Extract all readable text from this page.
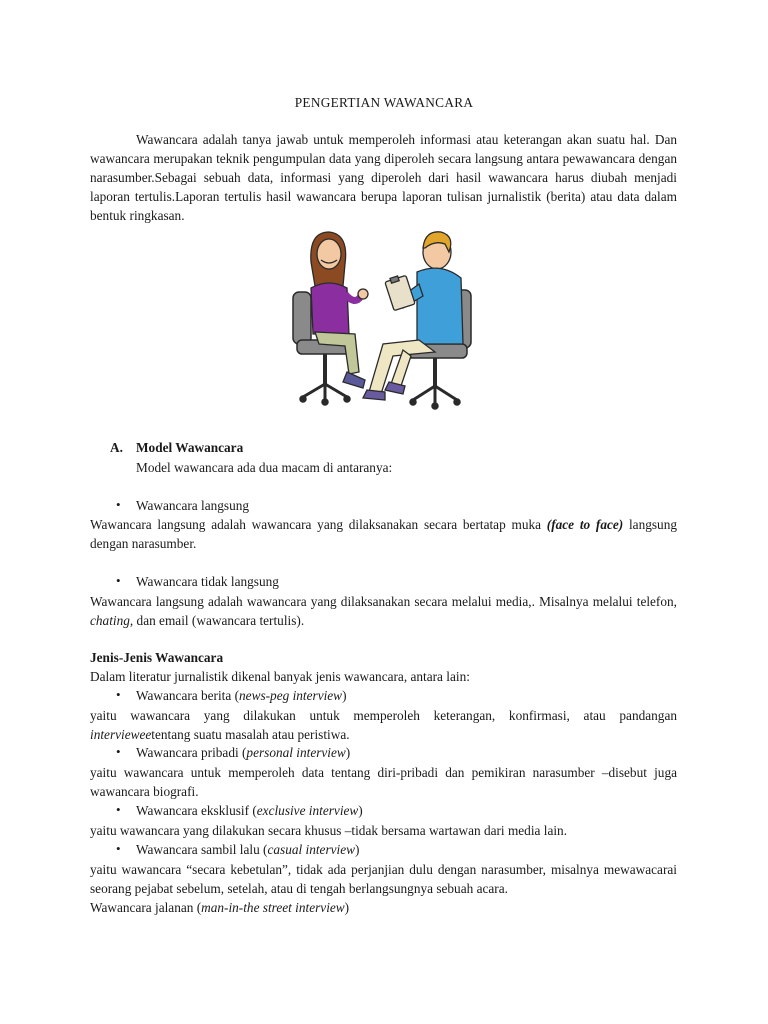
PENGERTIAN WAWANCARA
Wawancara adalah tanya jawab untuk memperoleh informasi atau keterangan akan suatu hal. Dan wawancara merupakan teknik pengumpulan data yang diperoleh secara langsung antara pewawancara dengan narasumber.Sebagai sebuah data, informasi yang diperoleh dari hasil wawancara harus diubah menjadi laporan tertulis.Laporan tertulis hasil wawancara berupa laporan tulisan jurnalistik (berita) atau data dalam bentuk ringkasan.
A. Model Wawancara
Model wawancara ada dua macam di antaranya:
• Wawancara langsung
Wawancara langsung adalah wawancara yang dilaksanakan secara bertatap muka (face to face) langsung dengan narasumber.
• Wawancara tidak langsung
Wawancara langsung adalah wawancara yang dilaksanakan secara melalui media,. Misalnya melalui telefon, chating, dan email (wawancara tertulis).
Jenis-Jenis Wawancara
Dalam literatur jurnalistik dikenal banyak jenis wawancara, antara lain:
• Wawancara berita (news-peg interview)
yaitu wawancara yang dilakukan untuk memperoleh keterangan, konfirmasi, atau pandangan intervieweetentang suatu masalah atau peristiwa.
• Wawancara pribadi (personal interview)
yaitu wawancara untuk memperoleh data tentang diri-pribadi dan pemikiran narasumber –disebut juga wawancara biografi.
• Wawancara eksklusif (exclusive interview)
yaitu wawancara yang dilakukan secara khusus –tidak bersama wartawan dari media lain.
• Wawancara sambil lalu (casual interview)
yaitu wawancara “secara kebetulan”, tidak ada perjanjian dulu dengan narasumber, misalnya mewawacarai seorang pejabat sebelum, setelah, atau di tengah berlangsungnya sebuah acara.
Wawancara jalanan (man-in-the street interview)
